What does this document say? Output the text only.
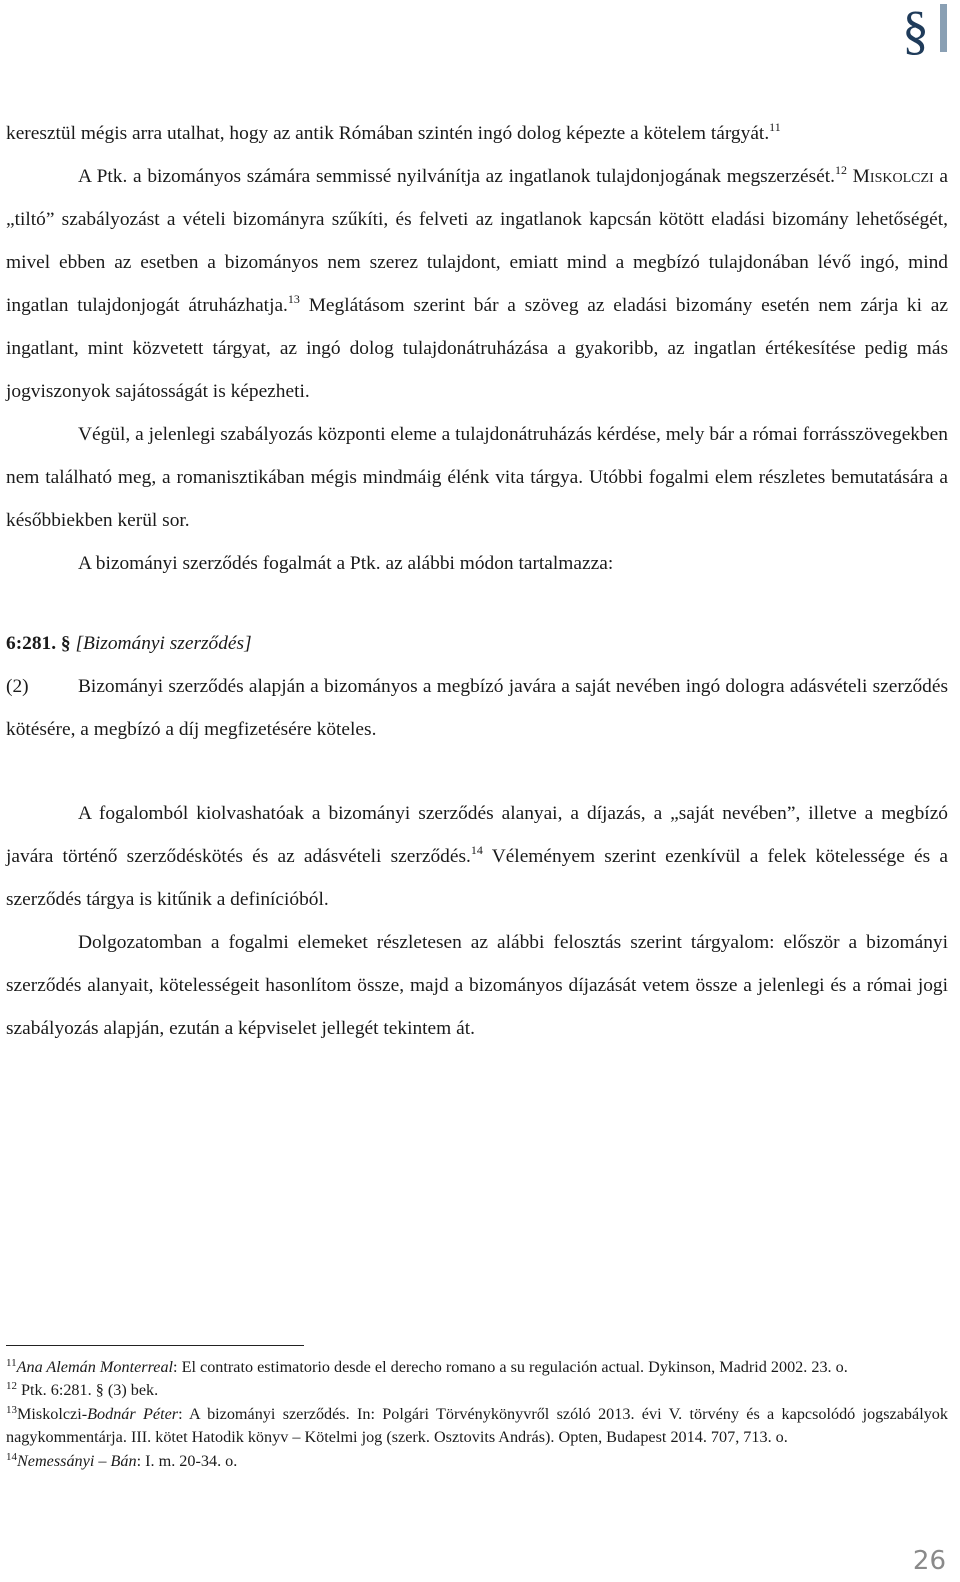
§

keresztül mégis arra utalhat, hogy az antik Rómában szintén ingó dolog képezte a kötelem tárgyát.$^{11}$

A Ptk. a bizományos számára semmissé nyilvánítja az ingatlanok tulajdonjogának megszerzését.$^{12}$ Miskolczi a „tiltó” szabályozást a vételi bizományra szűkíti, és felveti az ingatlanok kapcsán kötött eladási bizomány lehetőségét, mivel ebben az esetben a bizományos nem szerez tulajdont, emiatt mind a megbízó tulajdonában lévő ingó, mind ingatlan tulajdonjogát átruházhatja.$^{13}$ Meglátásom szerint bár a szöveg az eladási bizomány esetén nem zárja ki az ingatlant, mint közvetett tárgyat, az ingó dolog tulajdonátruházása a gyakoribb, az ingatlan értékesítése pedig más jogviszonyok sajátosságát is képezheti.

Végül, a jelenlegi szabályozás központi eleme a tulajdonátruházás kérdése, mely bár a római forrásszövegekben nem található meg, a romanisztikában mégis mindmáig élénk vita tárgya. Utóbbi fogalmi elem részletes bemutatására a későbbiekben kerül sor.

A bizományi szerződés fogalmát a Ptk. az alábbi módon tartalmazza:

6:281. § [Bizományi szerződés]

(2)	Bizományi szerződés alapján a bizományos a megbízó javára a saját nevében ingó dologra adásvételi szerződés kötésére, a megbízó a díj megfizetésére köteles.

A fogalomból kiolvashatóak a bizományi szerződés alanyai, a díjazás, a „saját nevében”, illetve a megbízó javára történő szerződéskötés és az adásvételi szerződés.$^{14}$ Véleményem szerint ezenkívül a felek kötelessége és a szerződés tárgya is kitűnik a definícióból.

Dolgozatomban a fogalmi elemeket részletesen az alábbi felosztás szerint tárgyalom: először a bizományi szerződés alanyait, kötelességeit hasonlítom össze, majd a bizományos díjazását vetem össze a jelenlegi és a római jogi szabályozás alapján, ezután a képviselet jellegét tekintem át.

$^{11}$Ana Alemán Monterreal: El contrato estimatorio desde el derecho romano a su regulación actual. Dykinson, Madrid 2002. 23. o.

$^{12}$ Ptk. 6:281. § (3) bek.

$^{13}$Miskolczi-Bodnár Péter: A bizományi szerződés. In: Polgári Törvénykönyvről szóló 2013. évi V. törvény és a kapcsolódó jogszabályok nagykommentárja. III. kötet Hatodik könyv – Kötelmi jog (szerk. Osztovits András). Opten, Budapest 2014. 707, 713. o.

$^{14}$Nemessányi – Bán: I. m. 20-34. o.

26
